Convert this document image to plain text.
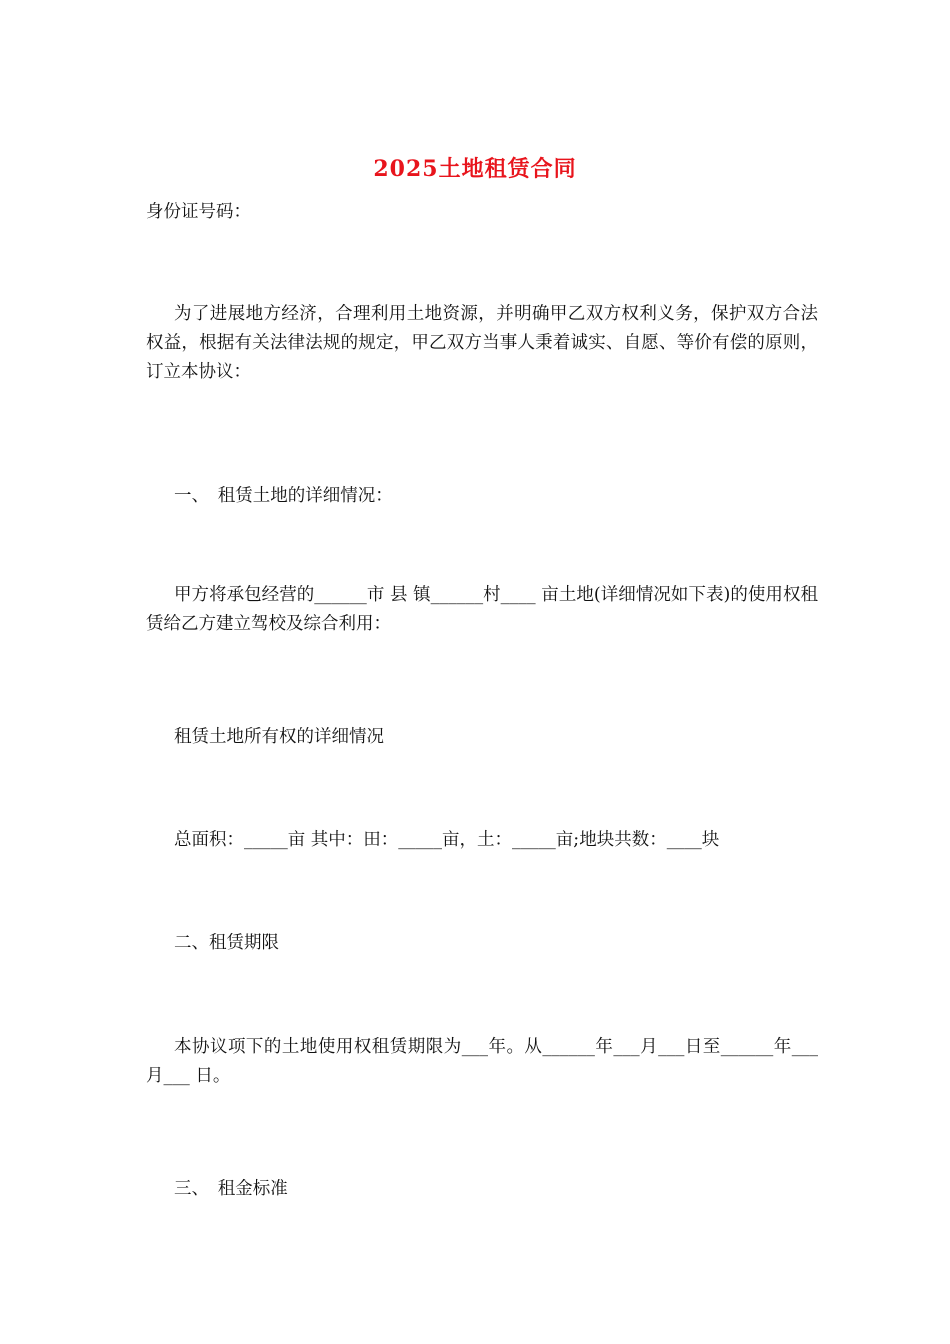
2025土地租赁合同
身份证号码：
为了进展地方经济，合理利用土地资源，并明确甲乙双方权利义务，保护双方合法权益，根据有关法律法规的规定，甲乙双方当事人秉着诚实、自愿、等价有偿的原则，订立本协议：
一、　租赁土地的详细情况：
甲方将承包经营的______市 县 镇______村____ 亩土地(详细情况如下表)的使用权租赁给乙方建立驾校及综合利用：
租赁土地所有权的详细情况
总面积：_____亩 其中：田：_____亩，土：_____亩;地块共数：____块
二、租赁期限
本协议项下的土地使用权租赁期限为___年。从______年___月___日至______年___月___ 日。
三、　租金标准
